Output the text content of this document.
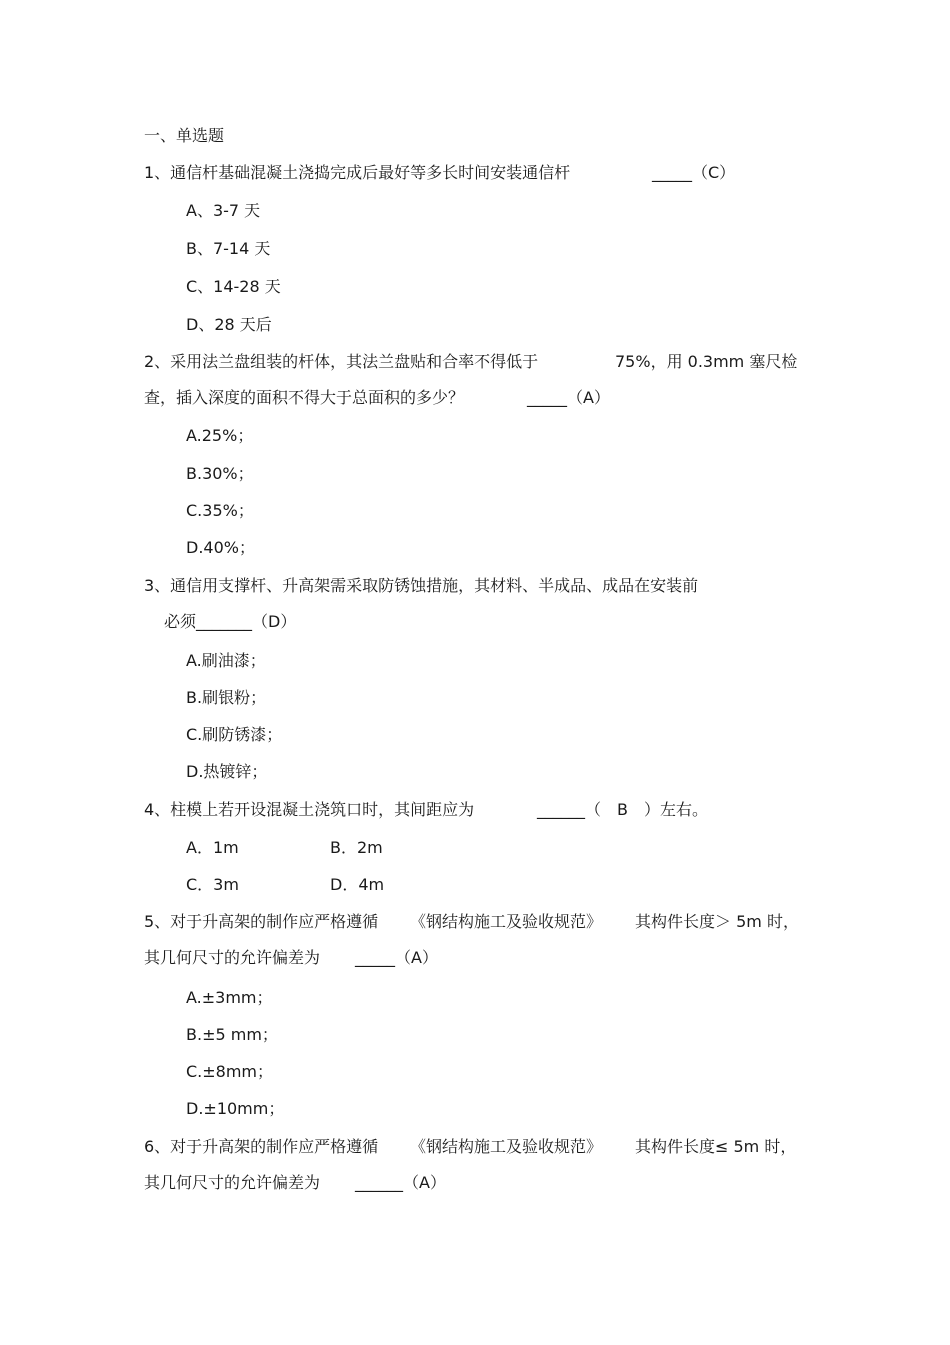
一、单选题
1、通信杆基础混凝土浇捣完成后最好等多长时间安装通信杆	_____（C）
A、3-7 天
B、7-14 天
C、14-28 天
D、28 天后
2、采用法兰盘组装的杆体，其法兰盘贴和合率不得低于	75%，用 0.3mm 塞尺检
查，插入深度的面积不得大于总面积的多少？	_____（A）
A.25%；
B.30%；
C.35%；
D.40%；
3、通信用支撑杆、升高架需采取防锈蚀措施，其材料、半成品、成品在安装前
必须_______（D）
A.刷油漆；
B.刷银粉；
C.刷防锈漆；
D.热镀锌；
4、柱模上若开设混凝土浇筑口时，其间距应为	______（　B　）左右。
A．1m	B．2m
C．3m	D．4m
5、对于升高架的制作应严格遵循 《钢结构施工及验收规范》 其构件长度＞ 5m 时，
其几何尺寸的允许偏差为 _____（A）
A.±3mm；
B.±5 mm；
C.±8mm；
D.±10mm；
6、对于升高架的制作应严格遵循 《钢结构施工及验收规范》 其构件长度≤ 5m 时，
其几何尺寸的允许偏差为 ______（A）
